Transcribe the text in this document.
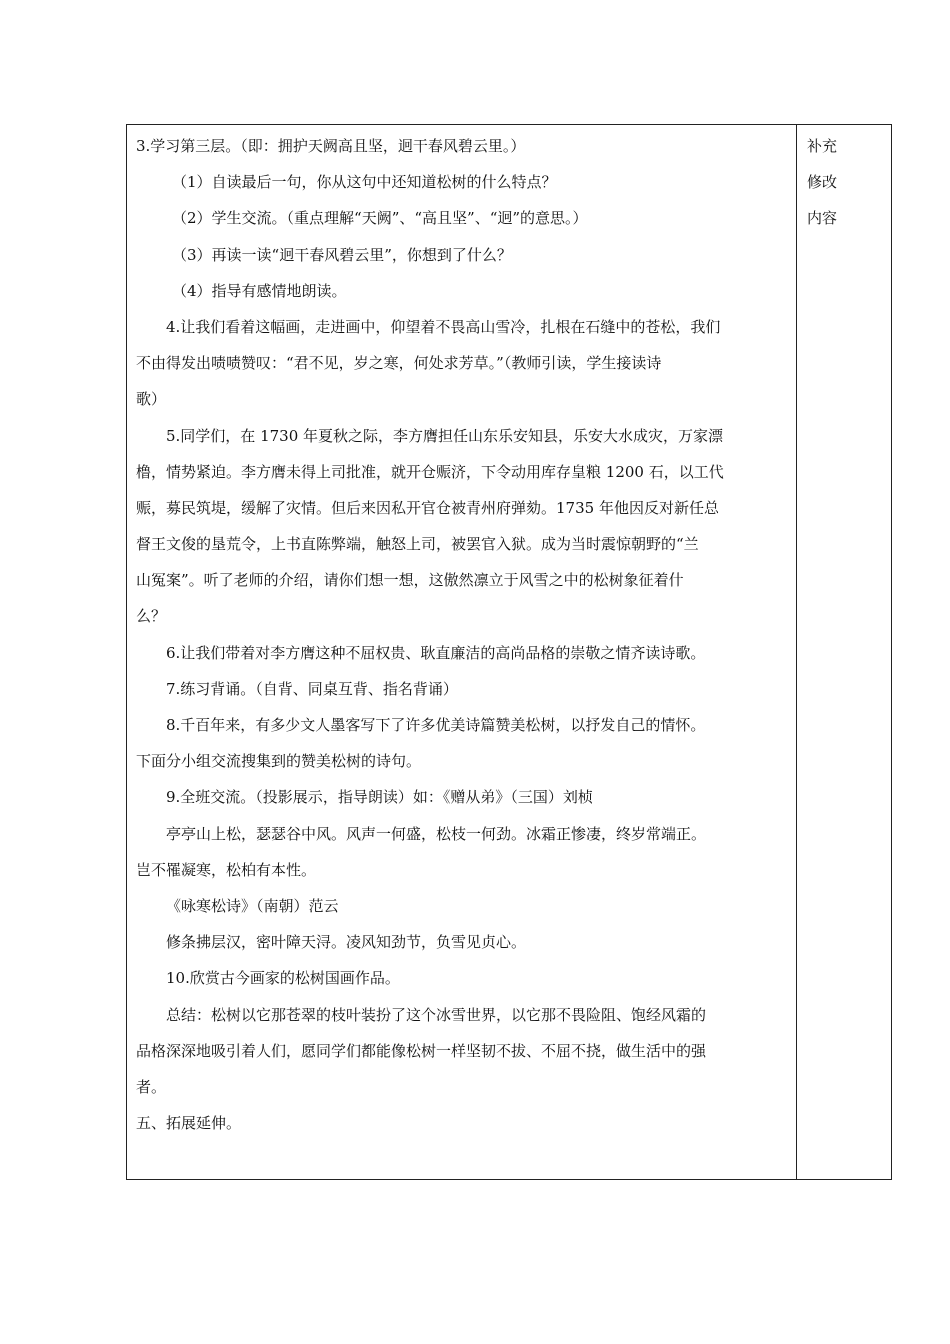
3.学习第三层。（即：拥护天阙高且坚，迥干春风碧云里。）
（1）自读最后一句，你从这句中还知道松树的什么特点？
（2）学生交流。（重点理解“天阙”、“高且坚”、“迥”的意思。）
（3）再读一读“迥干春风碧云里”，你想到了什么？
（4）指导有感情地朗读。
4.让我们看着这幅画，走进画中，仰望着不畏高山雪冷，扎根在石缝中的苍松，我们
不由得发出啧啧赞叹：“君不见，岁之寒，何处求芳草。”（教师引读，学生接读诗
歌）
5.同学们，在 1730 年夏秋之际，李方膺担任山东乐安知县，乐安大水成灾，万家漂
橹，情势紧迫。李方膺未得上司批准，就开仓赈济，下令动用库存皇粮 1200 石，以工代
赈，募民筑堤，缓解了灾情。但后来因私开官仓被青州府弹劾。1735 年他因反对新任总
督王文俊的垦荒令，上书直陈弊端，触怒上司，被罢官入狱。成为当时震惊朝野的“兰
山冤案”。听了老师的介绍，请你们想一想，这傲然凛立于风雪之中的松树象征着什
么？
6.让我们带着对李方膺这种不屈权贵、耿直廉洁的高尚品格的崇敬之情齐读诗歌。
7.练习背诵。（自背、同桌互背、指名背诵）
8.千百年来，有多少文人墨客写下了许多优美诗篇赞美松树，以抒发自己的情怀。
下面分小组交流搜集到的赞美松树的诗句。
9.全班交流。（投影展示，指导朗读）如：《赠从弟》（三国）刘桢
亭亭山上松，瑟瑟谷中风。风声一何盛，松枝一何劲。冰霜正惨凄，终岁常端正。
岂不罹凝寒，松柏有本性。
《咏寒松诗》（南朝）范云
修条拂层汉，密叶障天浔。凌风知劲节，负雪见贞心。
10.欣赏古今画家的松树国画作品。
总结：松树以它那苍翠的枝叶装扮了这个冰雪世界，以它那不畏险阻、饱经风霜的
品格深深地吸引着人们，愿同学们都能像松树一样坚韧不拔、不屈不挠，做生活中的强
者。
五、拓展延伸。
补充
修改
内容
